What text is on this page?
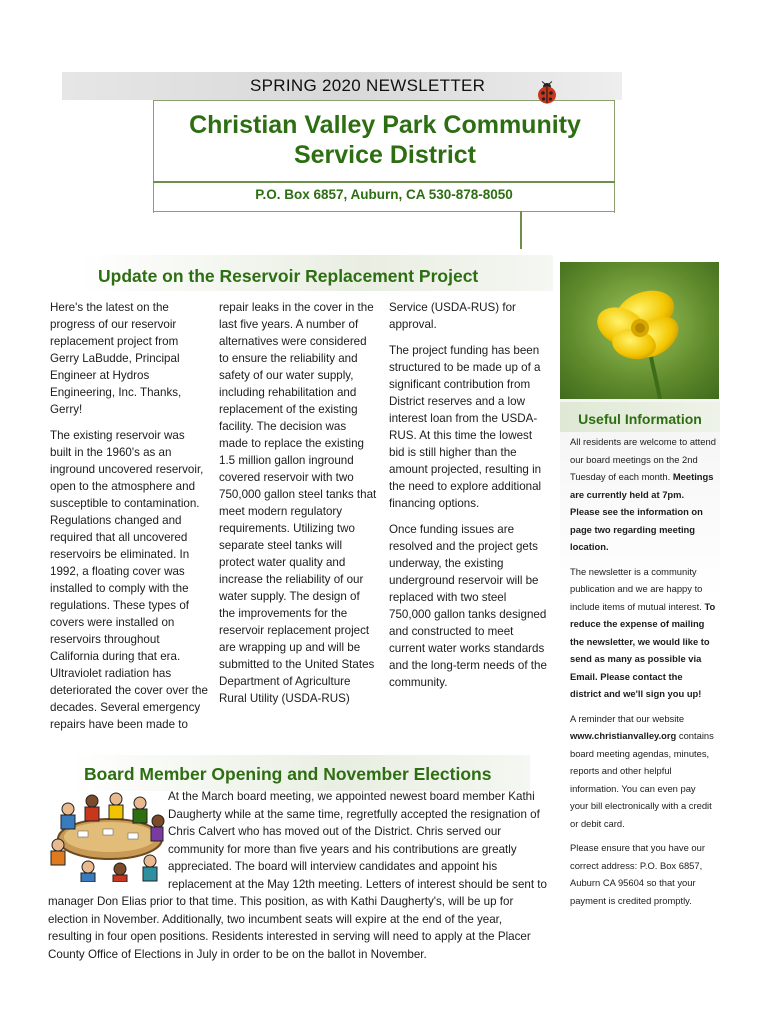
SPRING 2020 NEWSLETTER
Christian Valley Park Community Service District
P.O. Box 6857, Auburn, CA 530-878-8050
Update on the Reservoir Replacement Project

Here's the latest on the progress of our reservoir replacement project from Gerry LaBudde, Principal Engineer at Hydros Engineering, Inc. Thanks, Gerry!

The existing reservoir was built in the 1960's as an inground uncovered reservoir, open to the atmosphere and susceptible to contamination. Regulations changed and required that all uncovered reservoirs be eliminated. In 1992, a floating cover was installed to comply with the regulations. These types of covers were installed on reservoirs throughout California during that era. Ultraviolet radiation has deteriorated the cover over the decades. Several emergency repairs have been made to

repair leaks in the cover in the last five years. A number of alternatives were considered to ensure the reliability and safety of our water supply, including rehabilitation and replacement of the existing facility. The decision was made to replace the existing 1.5 million gallon inground covered reservoir with two 750,000 gallon steel tanks that meet modern regulatory requirements. Utilizing two separate steel tanks will protect water quality and increase the reliability of our water supply. The design of the improvements for the reservoir replacement project are wrapping up and will be submitted to the United States Department of Agriculture Rural Utility (USDA-RUS)

Service (USDA-RUS) for approval.

The project funding has been structured to be made up of a significant contribution from District reserves and a low interest loan from the USDA-RUS. At this time the lowest bid is still higher than the amount projected, resulting in the need to explore additional financing options.

Once funding issues are resolved and the project gets underway, the existing underground reservoir will be replaced with two steel 750,000 gallon tanks designed and constructed to meet current water works standards and the long-term needs of the community.

Useful Information

All residents are welcome to attend our board meetings on the 2nd Tuesday of each month. Meetings are currently held at 7pm. Please see the information on page two regarding meeting location.

The newsletter is a community publication and we are happy to include items of mutual interest. To reduce the expense of mailing the newsletter, we would like to send as many as possible via Email. Please contact the district and we'll sign you up!

A reminder that our website www.christianvalley.org contains board meeting agendas, minutes, reports and other helpful information. You can even pay your bill electronically with a credit or debit card.

Please ensure that you have our correct address: P.O. Box 6857, Auburn CA 95604 so that your payment is credited promptly.

Board Member Opening and November Elections
At the March board meeting, we appointed newest board member Kathi Daugherty while at the same time, regretfully accepted the resignation of Chris Calvert who has moved out of the District. Chris served our community for more than five years and his contributions are greatly appreciated. The board will interview candidates and appoint his replacement at the May 12th meeting. Letters of interest should be sent to manager Don Elias prior to that time. This position, as with Kathi Daugherty's, will be up for election in November. Additionally, two incumbent seats will expire at the end of the year, resulting in four open positions. Residents interested in serving will need to apply at the Placer County Office of Elections in July in order to be on the ballot in November.
